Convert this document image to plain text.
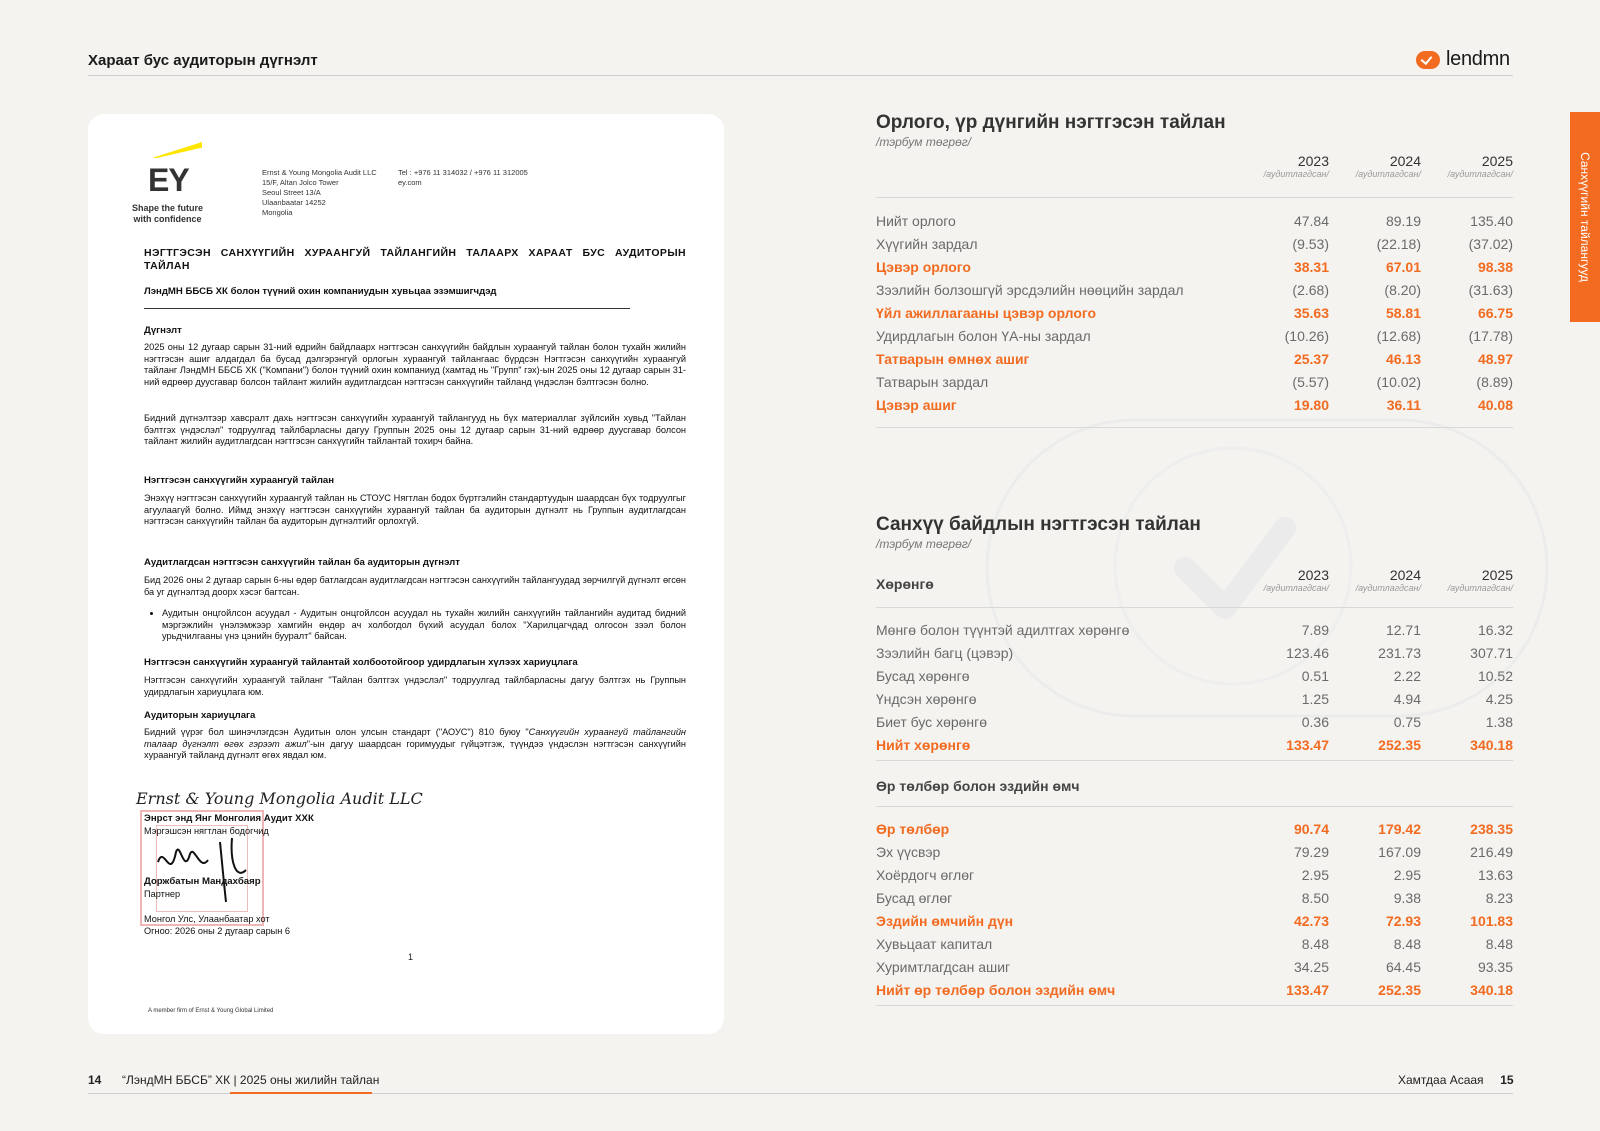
Хараат бус аудиторын дүгнэлт	lendmn
Санхүүгийн тайлангууд
EY
Shape the future
with confidence
Ernst & Young Mongolia Audit LLC
15/F, Altan Jolco Tower
Seoul Street 13/A
Ulaanbaatar 14252
Mongolia
Tel : +976 11 314032 / +976 11 312005
ey.com
НЭГТГЭСЭН САНХҮҮГИЙН ХУРААНГУЙ ТАЙЛАНГИЙН ТАЛААРХ ХАРААТ БУС АУДИТОРЫН ТАЙЛАН
ЛэндМН ББСБ ХК болон түүний охин компаниудын хувьцаа эзэмшигчдэд
Дүгнэлт
2025 оны 12 дугаар сарын 31-ний өдрийн байдлаарх нэгтгэсэн санхүүгийн байдлын хураангуй тайлан болон тухайн жилийн нэгтгэсэн ашиг алдагдал ба бусад дэлгэрэнгүй орлогын хураангуй тайлангаас бүрдсэн Нэгтгэсэн санхүүгийн хураангуй тайланг ЛэндМН ББСБ ХК ("Компани") болон түүний охин компаниуд (хамтад нь "Групп" гэх)-ын 2025 оны 12 дугаар сарын 31-ний өдрөөр дуусгавар болсон тайлант жилийн аудитлагдсан нэгтгэсэн санхүүгийн тайланд үндэслэн бэлтгэсэн болно.
Бидний дүгнэлтээр хавсралт дахь нэгтгэсэн санхүүгийн хураангуй тайлангууд нь бүх материаллаг зүйлсийн хувьд "Тайлан бэлтгэх үндэслэл" тодруулгад тайлбарласны дагуу Группын 2025 оны 12 дугаар сарын 31-ний өдрөөр дуусгавар болсон тайлант жилийн аудитлагдсан нэгтгэсэн санхүүгийн тайлантай тохирч байна.
Нэгтгэсэн санхүүгийн хураангуй тайлан
Энэхүү нэгтгэсэн санхүүгийн хураангуй тайлан нь СТОУС Нягтлан бодох бүртгэлийн стандартуудын шаардсан бүх тодруулгыг агуулаагүй болно. Иймд энэхүү нэгтгэсэн санхүүгийн хураангуй тайлан ба аудиторын дүгнэлт нь Группын аудитлагдсан нэгтгэсэн санхүүгийн тайлан ба аудиторын дүгнэлтийг орлохгүй.
Аудитлагдсан нэгтгэсэн санхүүгийн тайлан ба аудиторын дүгнэлт
Бид 2026 оны 2 дугаар сарын 6-ны өдөр батлагдсан аудитлагдсан нэгтгэсэн санхүүгийн тайлангуудад зөрчилгүй дүгнэлт өгсөн ба уг дүгнэлтэд доорх хэсэг багтсан.
• Аудитын онцгойлсон асуудал - Аудитын онцгойлсон асуудал нь тухайн жилийн санхүүгийн тайлангийн аудитад бидний мэргэжлийн үнэлэмжээр хамгийн өндөр ач холбогдол бүхий асуудал болох "Харилцагчдад олгосон зээл болон урьдчилгааны үнэ цэнийн бууралт" байсан.
Нэгтгэсэн санхүүгийн хураангуй тайлантай холбоотойгоор удирдлагын хүлээх хариуцлага
Нэгтгэсэн санхүүгийн хураангуй тайланг "Тайлан бэлтгэх үндэслэл" тодруулгад тайлбарласны дагуу бэлтгэх нь Группын удирдлагын хариуцлага юм.
Аудиторын хариуцлага
Бидний үүрэг бол шинэчлэгдсэн Аудитын олон улсын стандарт ("АОУС") 810 буюу "Санхүүгийн хураангуй тайлангийн талаар дүгнэлт өгөх гэрээт ажил"-ын дагуу шаардсан горимуудыг гүйцэтгэж, түүндээ үндэслэн нэгтгэсэн санхүүгийн хураангуй тайланд дүгнэлт өгөх явдал юм.
Ernst & Young Mongolia Audit LLC
Энрст энд Янг Монголия Аудит ХХК
Мэргэшсэн нягтлан бодогчид
Доржбатын Мандахбаяр
Партнер
Монгол Улс, Улаанбаатар хот
Огноо: 2026 оны 2 дугаар сарын 6
1
A member firm of Ernst & Young Global Limited
Орлого, үр дүнгийн нэгтгэсэн тайлан
/тэрбум төгрөг/
2023
/аудитлагдсан/
2024
/аудитлагдсан/
2025
/аудитлагдсан/
Нийт орлого	47.84	89.19	135.40
Хүүгийн зардал	(9.53)	(22.18)	(37.02)
Цэвэр орлого	38.31	67.01	98.38
Зээлийн болзошгүй эрсдэлийн нөөцийн зардал	(2.68)	(8.20)	(31.63)
Үйл ажиллагааны цэвэр орлого	35.63	58.81	66.75
Удирдлагын болон ҮА-ны зардал	(10.26)	(12.68)	(17.78)
Татварын өмнөх ашиг	25.37	46.13	48.97
Татварын зардал	(5.57)	(10.02)	(8.89)
Цэвэр ашиг	19.80	36.11	40.08
Санхүү байдлын нэгтгэсэн тайлан
/тэрбум төгрөг/
Хөрөнгө
2023
/аудитлагдсан/
2024
/аудитлагдсан/
2025
/аудитлагдсан/
Мөнгө болон түүнтэй адилтгах хөрөнгө	7.89	12.71	16.32
Зээлийн багц (цэвэр)	123.46	231.73	307.71
Бусад хөрөнгө	0.51	2.22	10.52
Үндсэн хөрөнгө	1.25	4.94	4.25
Биет бус хөрөнгө	0.36	0.75	1.38
Нийт хөрөнгө	133.47	252.35	340.18
Өр төлбөр болон эздийн өмч
Өр төлбөр	90.74	179.42	238.35
Эх үүсвэр	79.29	167.09	216.49
Хоёрдогч өглөг	2.95	2.95	13.63
Бусад өглөг	8.50	9.38	8.23
Эздийн өмчийн дүн	42.73	72.93	101.83
Хувьцаат капитал	8.48	8.48	8.48
Хуримтлагдсан ашиг	34.25	64.45	93.35
Нийт өр төлбөр болон эздийн өмч	133.47	252.35	340.18
14 “ЛэндМН ББСБ” ХК | 2025 оны жилийн тайлан	Хамтдаа Асаая 15
